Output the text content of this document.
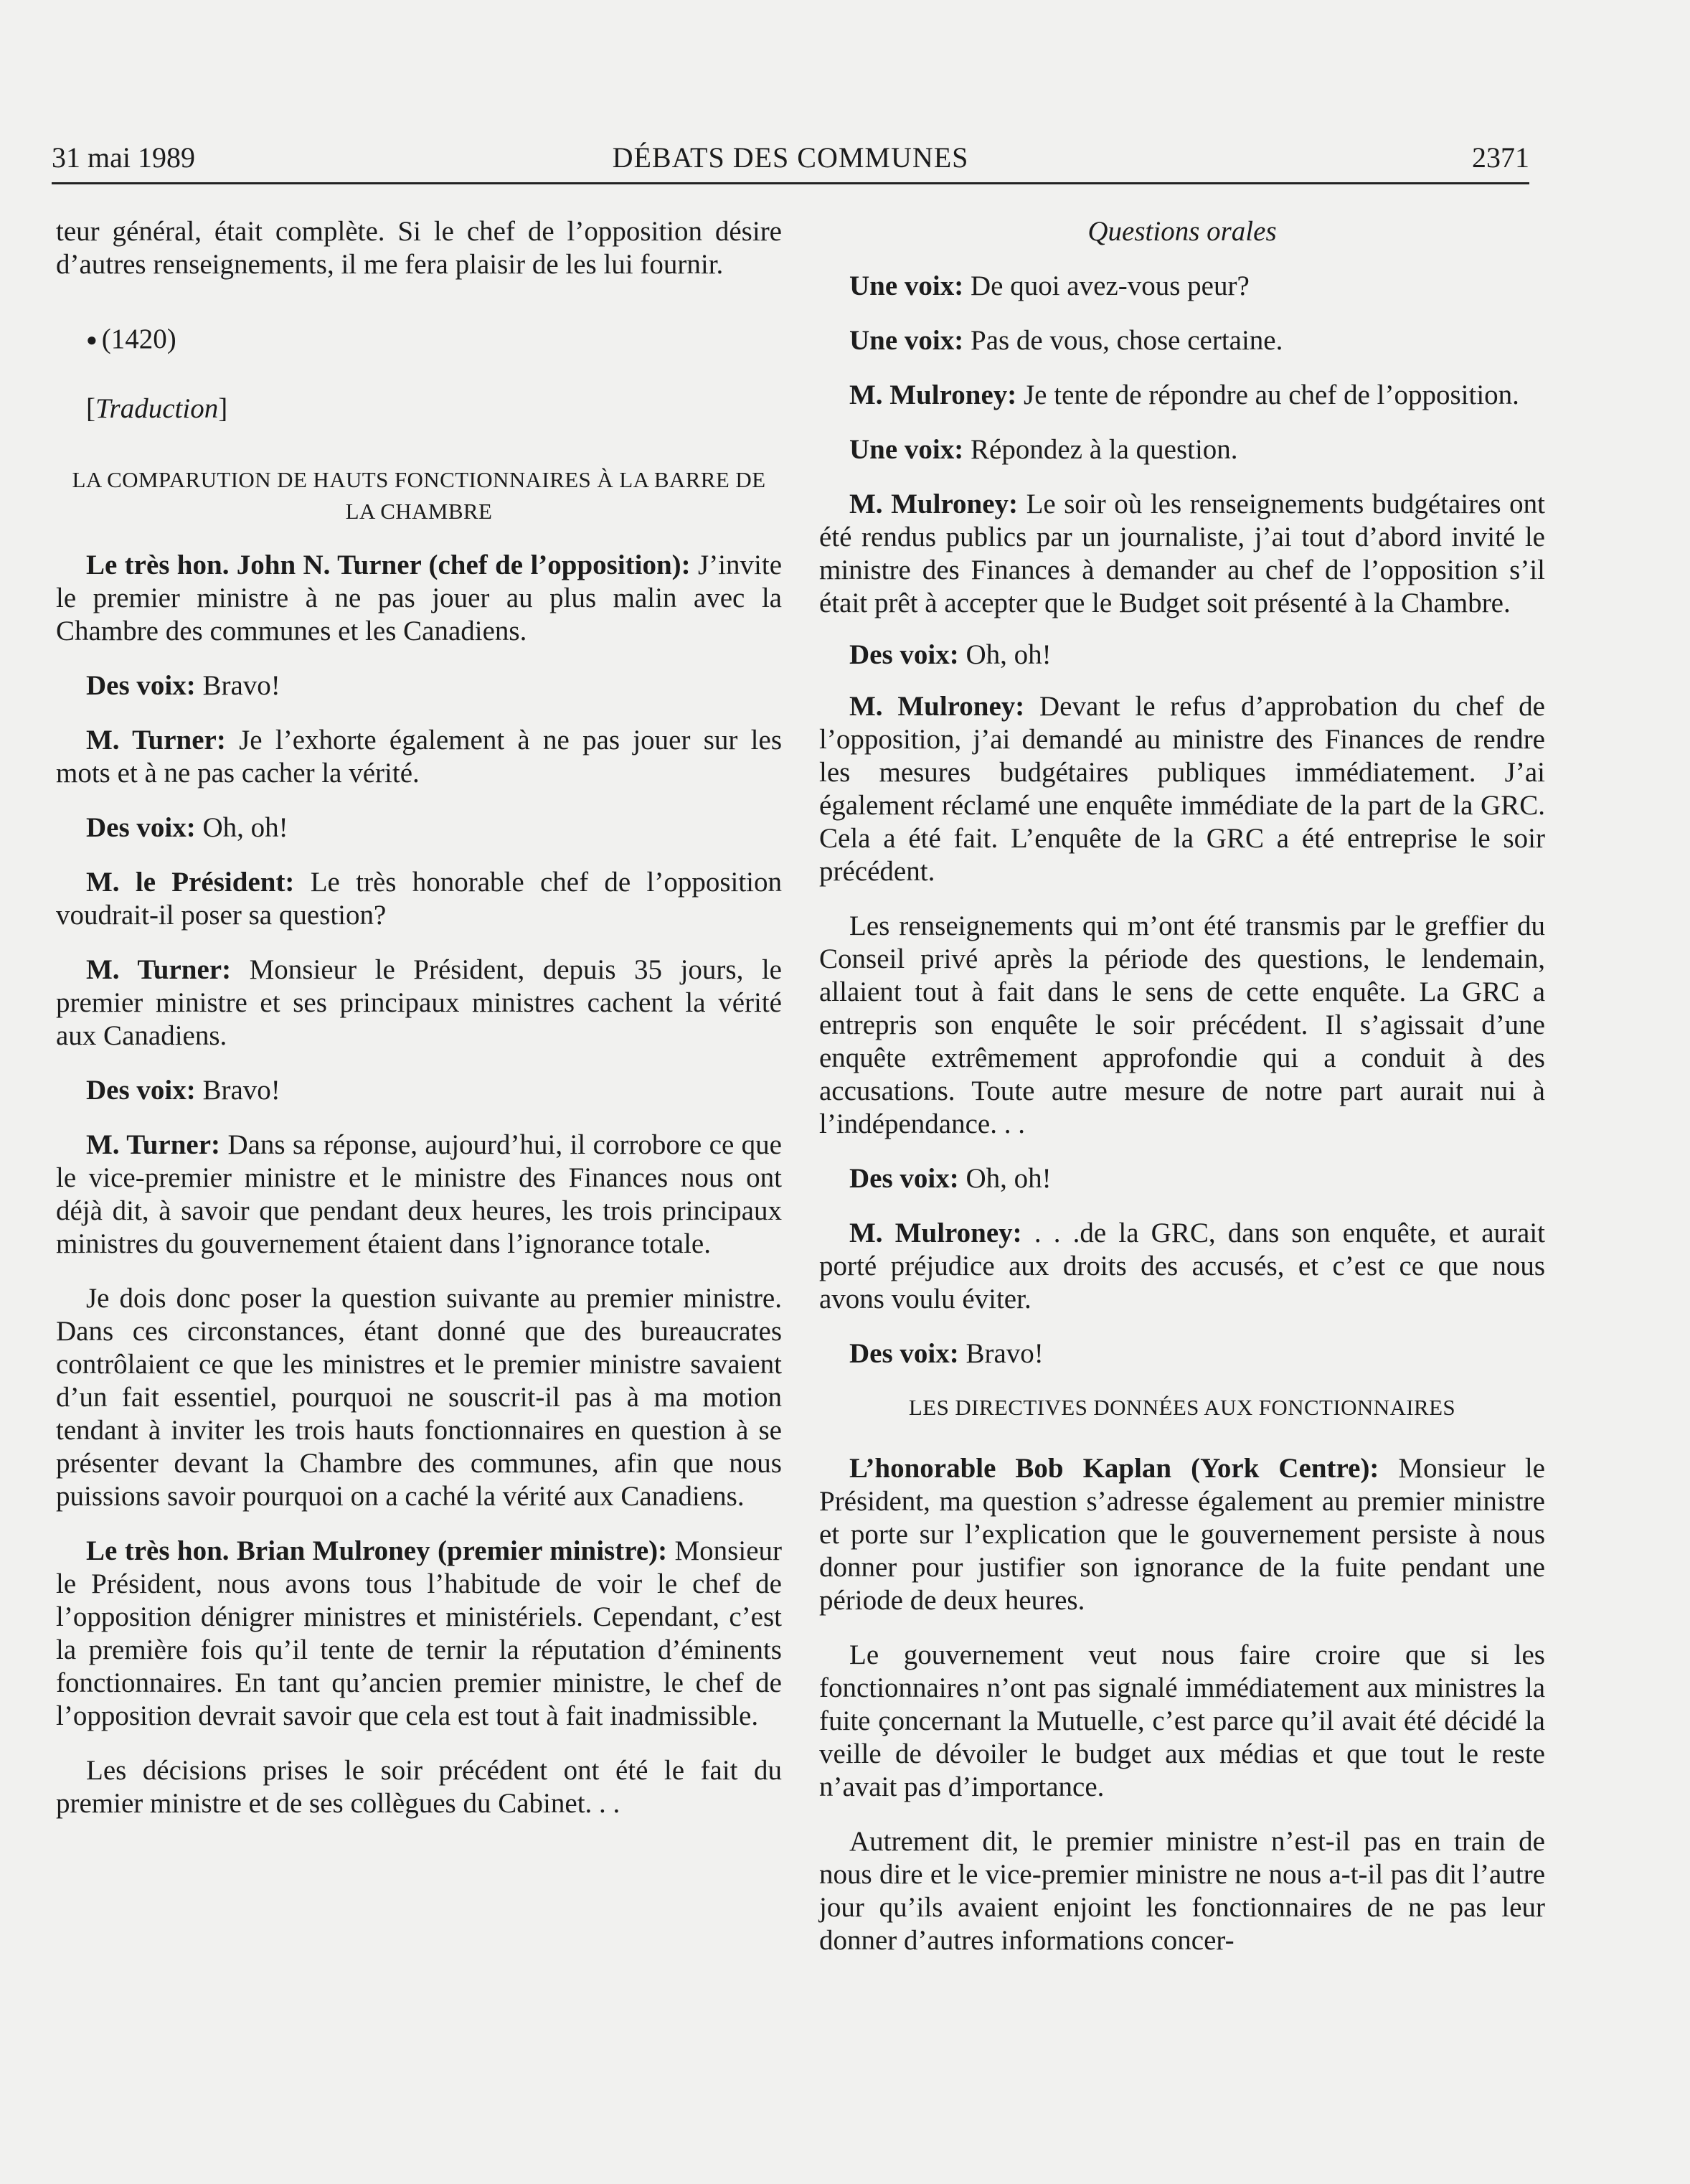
31 mai 1989	DÉBATS DES COMMUNES	2371

teur général, était complète. Si le chef de l’opposition désire d’autres renseignements, il me fera plaisir de les lui fournir.

● (1420)

[Traduction]

LA COMPARUTION DE HAUTS FONCTIONNAIRES À LA BARRE DE LA CHAMBRE

Le très hon. John N. Turner (chef de l’opposition): J’invite le premier ministre à ne pas jouer au plus malin avec la Chambre des communes et les Canadiens.

Des voix: Bravo!

M. Turner: Je l’exhorte également à ne pas jouer sur les mots et à ne pas cacher la vérité.

Des voix: Oh, oh!

M. le Président: Le très honorable chef de l’opposition voudrait-il poser sa question?

M. Turner: Monsieur le Président, depuis 35 jours, le premier ministre et ses principaux ministres cachent la vérité aux Canadiens.

Des voix: Bravo!

M. Turner: Dans sa réponse, aujourd’hui, il corrobore ce que le vice-premier ministre et le ministre des Finances nous ont déjà dit, à savoir que pendant deux heures, les trois principaux ministres du gouvernement étaient dans l’ignorance totale.

Je dois donc poser la question suivante au premier ministre. Dans ces circonstances, étant donné que des bureaucrates contrôlaient ce que les ministres et le premier ministre savaient d’un fait essentiel, pourquoi ne souscrit-il pas à ma motion tendant à inviter les trois hauts fonctionnaires en question à se présenter devant la Chambre des communes, afin que nous puissions savoir pourquoi on a caché la vérité aux Canadiens.

Le très hon. Brian Mulroney (premier ministre): Monsieur le Président, nous avons tous l’habitude de voir le chef de l’opposition dénigrer ministres et ministériels. Cependant, c’est la première fois qu’il tente de ternir la réputation d’éminents fonctionnaires. En tant qu’ancien premier ministre, le chef de l’opposition devrait savoir que cela est tout à fait inadmissible.

Les décisions prises le soir précédent ont été le fait du premier ministre et de ses collègues du Cabinet. . .

Questions orales

Une voix: De quoi avez-vous peur?

Une voix: Pas de vous, chose certaine.

M. Mulroney: Je tente de répondre au chef de l’opposition.

Une voix: Répondez à la question.

M. Mulroney: Le soir où les renseignements budgétaires ont été rendus publics par un journaliste, j’ai tout d’abord invité le ministre des Finances à demander au chef de l’opposition s’il était prêt à accepter que le Budget soit présenté à la Chambre.

Des voix: Oh, oh!

M. Mulroney: Devant le refus d’approbation du chef de l’opposition, j’ai demandé au ministre des Finances de rendre les mesures budgétaires publiques immédiatement. J’ai également réclamé une enquête immédiate de la part de la GRC. Cela a été fait. L’enquête de la GRC a été entreprise le soir précédent.

Les renseignements qui m’ont été transmis par le greffier du Conseil privé après la période des questions, le lendemain, allaient tout à fait dans le sens de cette enquête. La GRC a entrepris son enquête le soir précédent. Il s’agissait d’une enquête extrêmement approfondie qui a conduit à des accusations. Toute autre mesure de notre part aurait nui à l’indépendance. . .

Des voix: Oh, oh!

M. Mulroney: . . .de la GRC, dans son enquête, et aurait porté préjudice aux droits des accusés, et c’est ce que nous avons voulu éviter.

Des voix: Bravo!

LES DIRECTIVES DONNÉES AUX FONCTIONNAIRES

L’honorable Bob Kaplan (York Centre): Monsieur le Président, ma question s’adresse également au premier ministre et porte sur l’explication que le gouvernement persiste à nous donner pour justifier son ignorance de la fuite pendant une période de deux heures.

Le gouvernement veut nous faire croire que si les fonctionnaires n’ont pas signalé immédiatement aux ministres la fuite çoncernant la Mutuelle, c’est parce qu’il avait été décidé la veille de dévoiler le budget aux médias et que tout le reste n’avait pas d’importance.

Autrement dit, le premier ministre n’est-il pas en train de nous dire et le vice-premier ministre ne nous a-t-il pas dit l’autre jour qu’ils avaient enjoint les fonctionnaires de ne pas leur donner d’autres informations concer-
